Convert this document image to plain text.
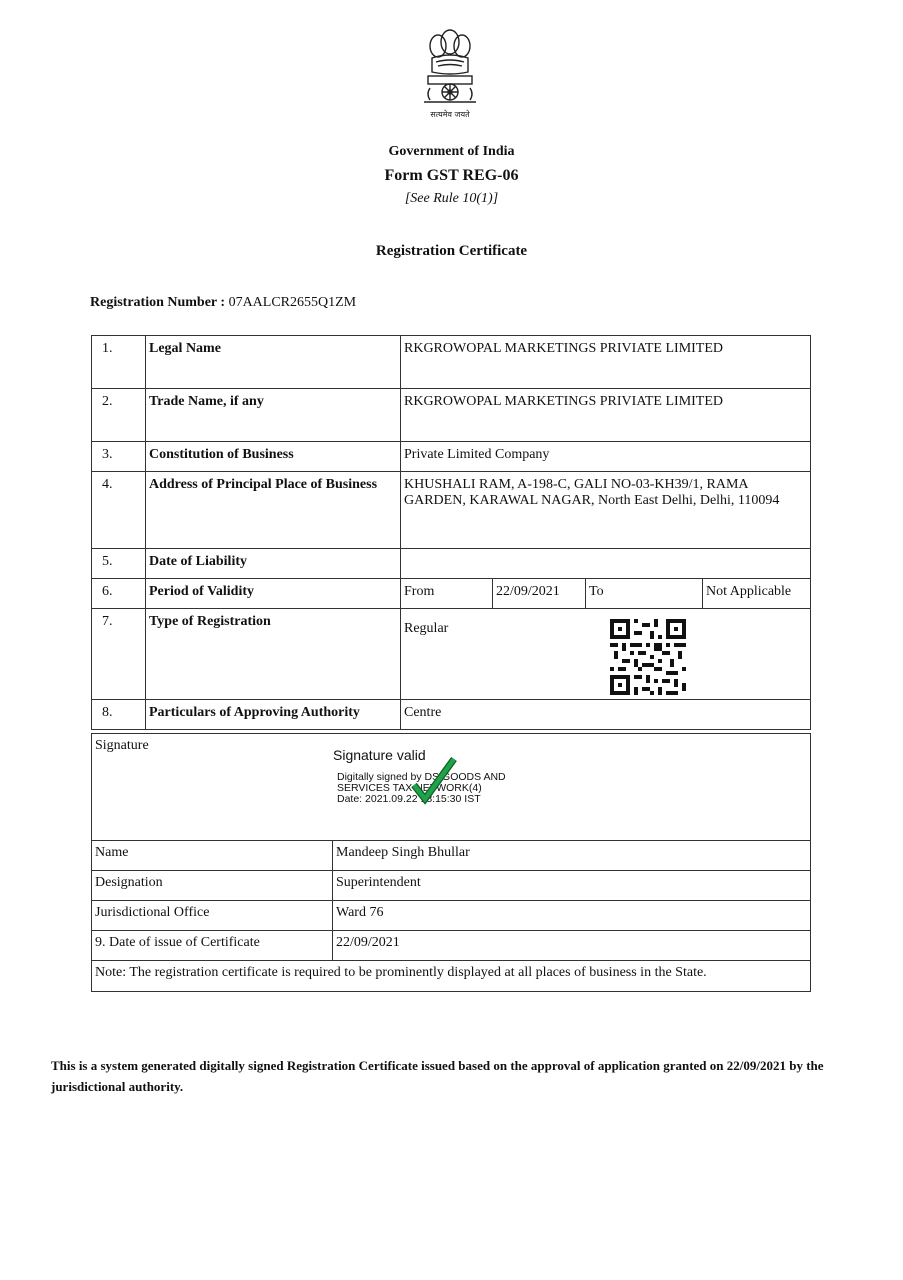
सत्यमेव जयते
Government of India
Form GST REG-06
[See Rule 10(1)]
Registration Certificate
Registration Number : 07AALCR2655Q1ZM
1.	Legal Name	RKGROWOPAL MARKETINGS PRIVIATE LIMITED			
2.	Trade Name, if any	RKGROWOPAL MARKETINGS PRIVIATE LIMITED			
3.	Constitution of Business	Private Limited Company			
4.	Address of Principal Place of Business	KHUSHALI RAM, A-198-C, GALI NO-03-KH39/1, RAMA GARDEN, KARAWAL NAGAR, North East Delhi, Delhi, 110094			
5.	Date of Liability				
6.	Period of Validity	From	22/09/2021	To	Not Applicable
7.	Type of Registration	Regular			
8.	Particulars of Approving Authority	Centre			
Signature	
Name	Mandeep Singh Bhullar
Designation	Superintendent
Jurisdictional Office	Ward 76
9. Date of issue of Certificate	22/09/2021
Note: The registration certificate is required to be prominently displayed at all places of business in the State.	
Signature valid
Digitally signed by DS GOODS AND
SERVICES TAX NETWORK(4)
Date: 2021.09.22 18:15:30 IST
This is a system generated digitally signed Registration Certificate issued based on the approval of application granted on 22/09/2021 by the jurisdictional authority.
